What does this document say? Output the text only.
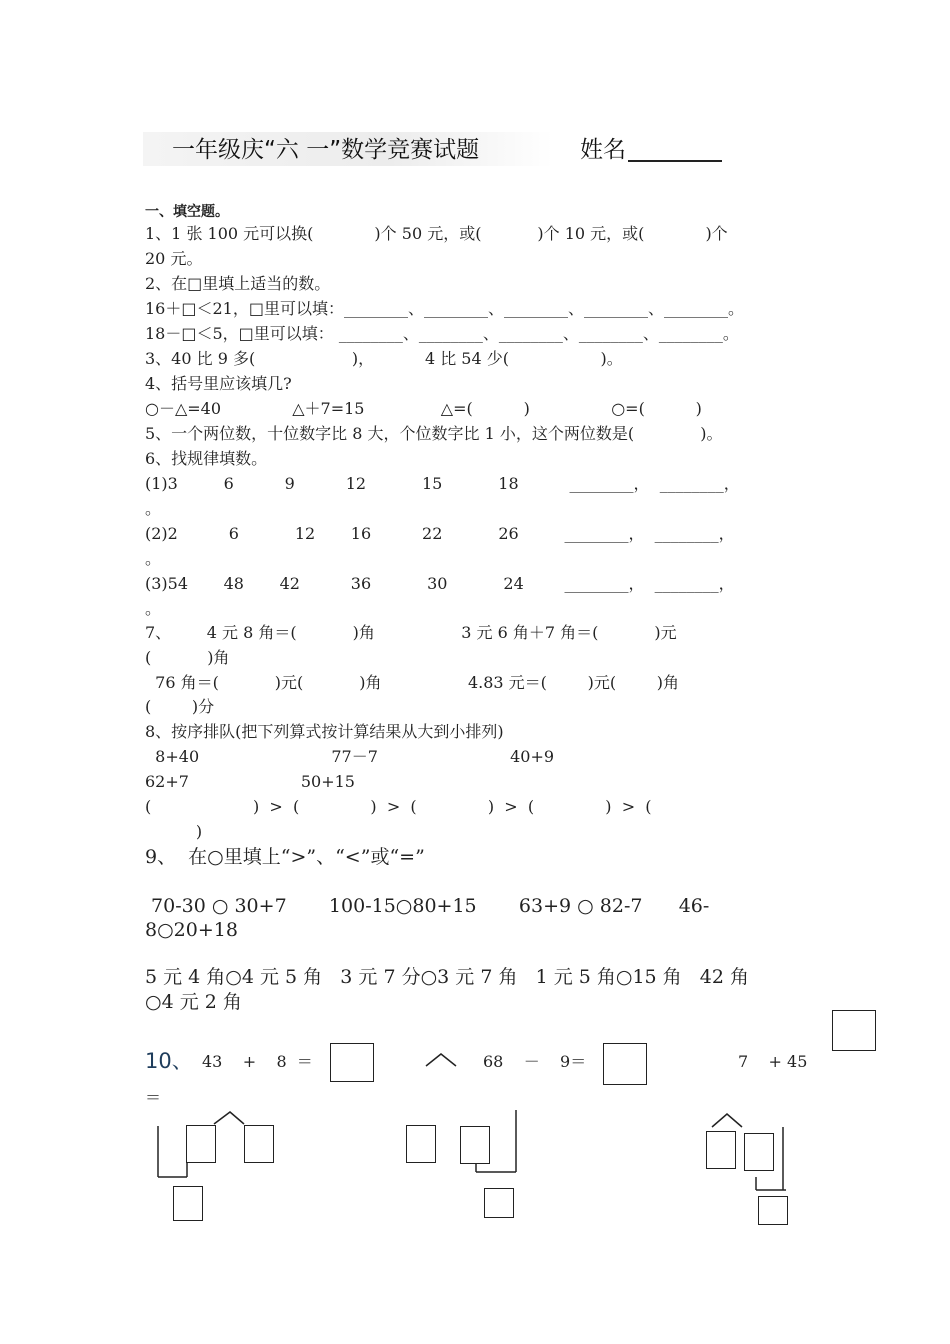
一年级庆“六 一”数学竞赛试题	姓名
一、填空题。
1、1 张 100 元可以换(            )个 50 元，或(           )个 10 元，或(            )个
20 元。
2、在□里填上适当的数。
16＋□＜21，□里可以填：________、________、________、________、________。
18－□＜5，□里可以填： ________、________、________、________、________。
3、40 比 9 多(                   )，          4 比 54 少(                  )。
4、括号里应该填几?
○－△=40              △＋7=15               △=(          )                ○=(          )
5、一个两位数，十位数字比 8 大，个位数字比 1 小，这个两位数是(             )。
6、找规律填数。
(1)3         6          9          12           15           18          ________，  ________，
。
(2)2          6           12       16          22           26         ________，  ________，
。
(3)54       48       42          36           30           24        ________，  ________，
。
7、       4 元 8 角＝(           )角                 3 元 6 角＋7 角＝(           )元
(           )角
76 角＝(           )元(           )角                 4.83 元＝(        )元(        )角
(        )分
8、按序排队(把下列算式按计算结果从大到小排列)
8+40                          77－7                          40+9
62+7                      50+15
(                    )  >  (              )  >  (              )  >  (              )  >  (
)
9、  在○里填上“>”、“<”或“=”
70-30 ○ 30+7       100-15○80+15       63+9 ○ 82-7      46-
8○20+18
5 元 4 角○4 元 5 角   3 元 7 分○3 元 7 角   1 元 5 角○15 角   42 角
○4 元 2 角
10、 43    +    8  ＝	68    －    9＝	7    + 45
＝
